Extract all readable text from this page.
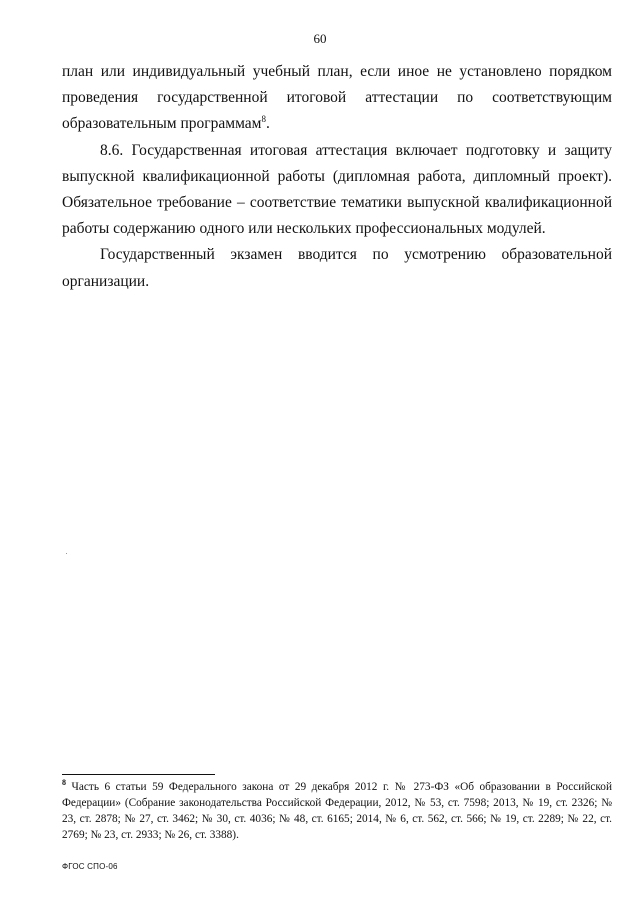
60

план или индивидуальный учебный план, если иное не установлено порядком проведения государственной итоговой аттестации по соответствующим образовательным программам$^8$.

8.6. Государственная итоговая аттестация включает подготовку и защиту выпускной квалификационной работы (дипломная работа, дипломный проект). Обязательное требование – соответствие тематики выпускной квалификационной работы содержанию одного или нескольких профессиональных модулей.

Государственный экзамен вводится по усмотрению образовательной организации.

$^8$ Часть 6 статьи 59 Федерального закона от 29 декабря 2012 г. № 273-ФЗ «Об образовании в Российской Федерации» (Собрание законодательства Российской Федерации, 2012, № 53, ст. 7598; 2013, № 19, ст. 2326; № 23, ст. 2878; № 27, ст. 3462; № 30, ст. 4036; № 48, ст. 6165; 2014, № 6, ст. 562, ст. 566; № 19, ст. 2289; № 22, ст. 2769; № 23, ст. 2933; № 26, ст. 3388).

ФГОС СПО-06
